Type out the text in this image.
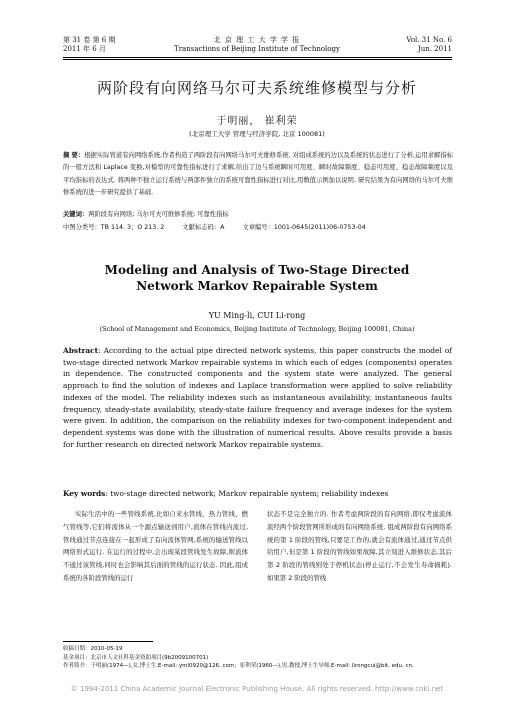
第 31 卷 第 6 期
2011 年 6 月
北 京 理 工 大 学 学 报
Transactions of Beijing Institute of Technology
Vol. 31 No. 6
Jun. 2011
两阶段有向网络马尔可夫系统维修模型与分析
于明丽， 崔利荣
(北京理工大学 管理与经济学院, 北京 100081)
摘 要：根据实际管道有向网络系统,作者构造了两阶段有向网络马尔可夫维修系统. 对组成系统的边以及系统的状态进行了分析,运用求解指标的一般方法和 Laplace 变换,对模型的可靠性指标进行了求解,给出了边与系统瞬时可用度、瞬时故障频度、稳态可用度、稳态故障频度以及平均指标的表达式. 将两种不独立运行系统与两部件独立的系统可靠性指标进行对比,用数值示例加以说明. 研究结果为有向网络的马尔可夫维修系统的进一步研究提供了基础.
关键词：两阶段有向网络; 马尔可夫可维修系统; 可靠性指标
中图分类号：TB 114. 3；O 213. 2	文献标志码：A	文章编号：1001-0645(2011)06-0753-04
Modeling and Analysis of Two-Stage Directed
Network Markov Repairable System
YU Ming-li, CUI Li-rong
(School of Management and Economics, Beijing Institute of Technology, Beijing 100081, China)
Abstract: According to the actual pipe directed network systems, this paper constructs the model of two-stage directed network Markov repairable systems in which each of edges (components) operates in dependence. The constructed components and the system state were analyzed. The general approach to find the solution of indexes and Laplace transformation were applied to solve reliability indexes of the model. The reliability indexes such as instantaneous availability, instantaneous faults frequency, steady-state availability, steady-state failure frequency and average indexes for the system were given. In addition, the comparison on the reliability indexes for two-component independent and dependent systems was done with the illustration of numerical results. Above results provide a basis for further research on directed network Markov repairable systems.
Key words: two-stage directed network; Markov repairable system; reliability indexes
实际生活中的一些管线系统,比如自来水管线、热力管线、燃气管线等,它们将流体从一个源点输送到用户,流体在管线内流过,管线通过节点连接在一起形成了有向流体管网,系统的输送管线以网络形式运行. 在运行的过程中,会出现某段管线发生故障,则流体不通过该管线,同时也会影响其后面的管线的运行状态. 因此,组成系统的各阶段管线的运行
状态不是完全独立的. 作者考虑两阶段的有向网络,即仅考虑流体流经两个阶段管网所形成的有向网络系统. 组成两阶段有向网络系统的第 1 阶段的管线,只要是工作的,就会有流体通过,通过节点供给用户,但是第 1 阶段的管线如果故障,其立刻进入维修状态,其后第 2 阶段的管线则处于停机状态(停止运行,不会发生寿命损耗). 如果第 2 阶段的管线
收稿日期：2010-05-19
基金项目：北京市人文社科基金资助项目(9b2009100701)
作者简介：于明丽(1974—),女,博士生,E-mail: yml0920@126. com；崔利荣(1960—),男,教授,博士生导师,E-mail: lirongcui@bit. edu. cn.
© 1994-2011 China Academic Journal Electronic Publishing House. All rights reserved. http://www.cnki.net
